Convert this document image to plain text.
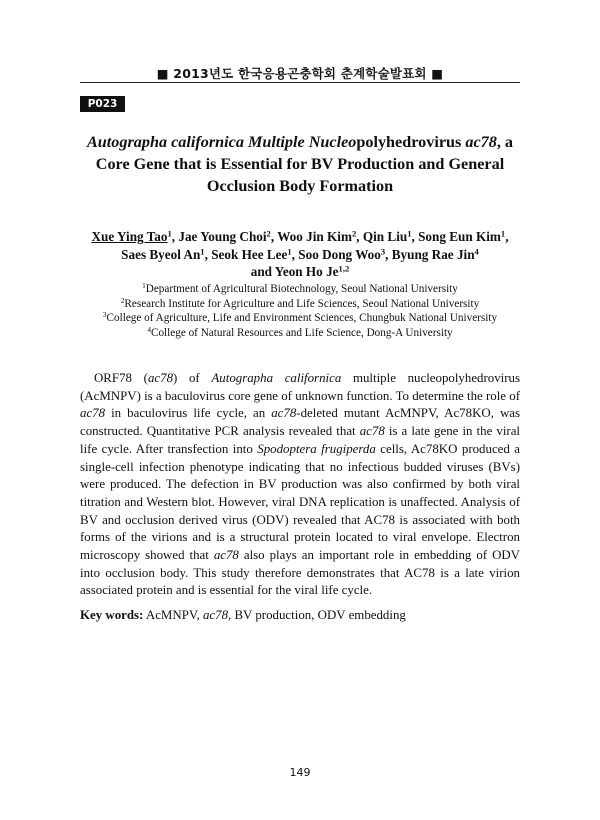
■ 2013년도 한국응용곤충학회 춘계학술발표회 ■
P023
Autographa californica Multiple Nucleopolyhedrovirus ac78, a Core Gene that is Essential for BV Production and General Occlusion Body Formation
Xue Ying Tao$^1$, Jae Young Choi$^2$, Woo Jin Kim$^2$, Qin Liu$^1$, Song Eun Kim$^1$,
Saes Byeol An$^1$, Seok Hee Lee$^1$, Soo Dong Woo$^3$, Byung Rae Jin$^4$
and Yeon Ho Je$^{1,2}$
$^1$Department of Agricultural Biotechnology, Seoul National University
$^2$Research Institute for Agriculture and Life Sciences, Seoul National University
$^3$College of Agriculture, Life and Environment Sciences, Chungbuk National University
$^4$College of Natural Resources and Life Science, Dong-A University

ORF78 (ac78) of Autographa californica multiple nucleopolyhedrovirus (AcMNPV) is a baculovirus core gene of unknown function. To determine the role of ac78 in baculovirus life cycle, an ac78-deleted mutant AcMNPV, Ac78KO, was constructed. Quantitative PCR analysis revealed that ac78 is a late gene in the viral life cycle. After transfection into Spodoptera frugiperda cells, Ac78KO produced a single-cell infection phenotype indicating that no infectious budded viruses (BVs) were produced. The defection in BV production was also confirmed by both viral titration and Western blot. However, viral DNA replication is unaffected. Analysis of BV and occlusion derived virus (ODV) revealed that AC78 is associated with both forms of the virions and is a structural protein located to viral envelope. Electron microscopy showed that ac78 also plays an important role in embedding of ODV into occlusion body. This study therefore demonstrates that AC78 is a late virion associated protein and is essential for the viral life cycle.

Key words: AcMNPV, ac78, BV production, ODV embedding
149
